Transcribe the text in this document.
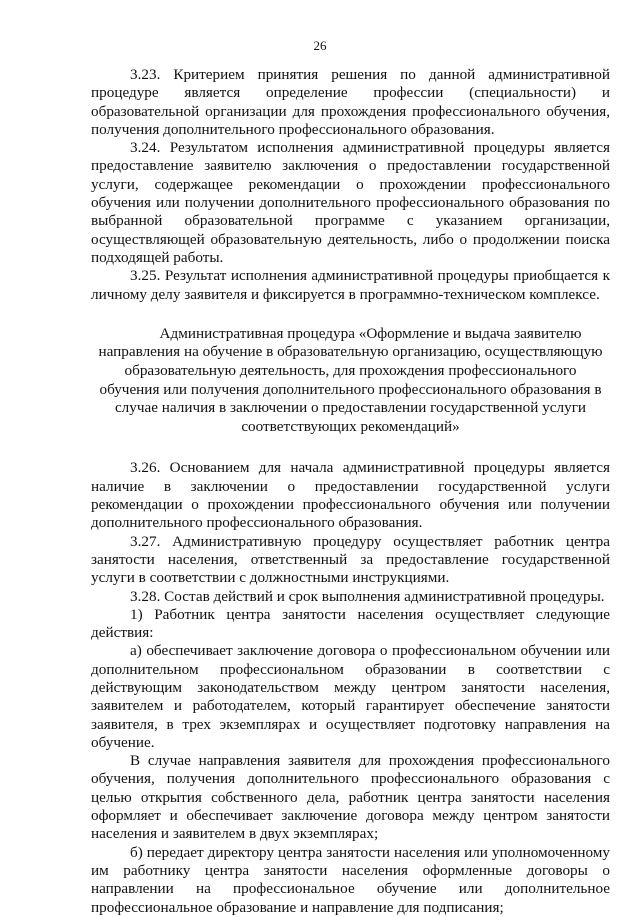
26

3.23. Критерием принятия решения по данной административной процедуре является определение профессии (специальности) и образовательной организации для прохождения профессионального обучения, получения дополнительного профессионального образования.

3.24. Результатом исполнения административной процедуры является предоставление заявителю заключения о предоставлении государственной услуги, содержащее рекомендации о прохождении профессионального обучения или получении дополнительного профессионального образования по выбранной образовательной программе с указанием организации, осуществляющей образовательную деятельность, либо о продолжении поиска подходящей работы.

3.25. Результат исполнения административной процедуры приобщается к личному делу заявителя и фиксируется в программно-техническом комплексе.

Административная процедура «Оформление и выдача заявителю направления на обучение в образовательную организацию, осуществляющую образовательную деятельность, для прохождения профессионального обучения или получения дополнительного профессионального образования в случае наличия в заключении о предоставлении государственной услуги соответствующих рекомендаций»

3.26. Основанием для начала административной процедуры является наличие в заключении о предоставлении государственной услуги рекомендации о прохождении профессионального обучения или получении дополнительного профессионального образования.

3.27. Административную процедуру осуществляет работник центра занятости населения, ответственный за предоставление государственной услуги в соответствии с должностными инструкциями.

3.28. Состав действий и срок выполнения административной процедуры.

1) Работник центра занятости населения осуществляет следующие действия:

а) обеспечивает заключение договора о профессиональном обучении или дополнительном профессиональном образовании в соответствии с действующим законодательством между центром занятости населения, заявителем и работодателем, который гарантирует обеспечение занятости заявителя, в трех экземплярах и осуществляет подготовку направления на обучение.

В случае направления заявителя для прохождения профессионального обучения, получения дополнительного профессионального образования с целью открытия собственного дела, работник центра занятости населения оформляет и обеспечивает заключение договора между центром занятости населения и заявителем в двух экземплярах;

б) передает директору центра занятости населения или уполномоченному им работнику центра занятости населения оформленные договоры о направлении на профессиональное обучение или дополнительное профессиональное образование и направление для подписания;
